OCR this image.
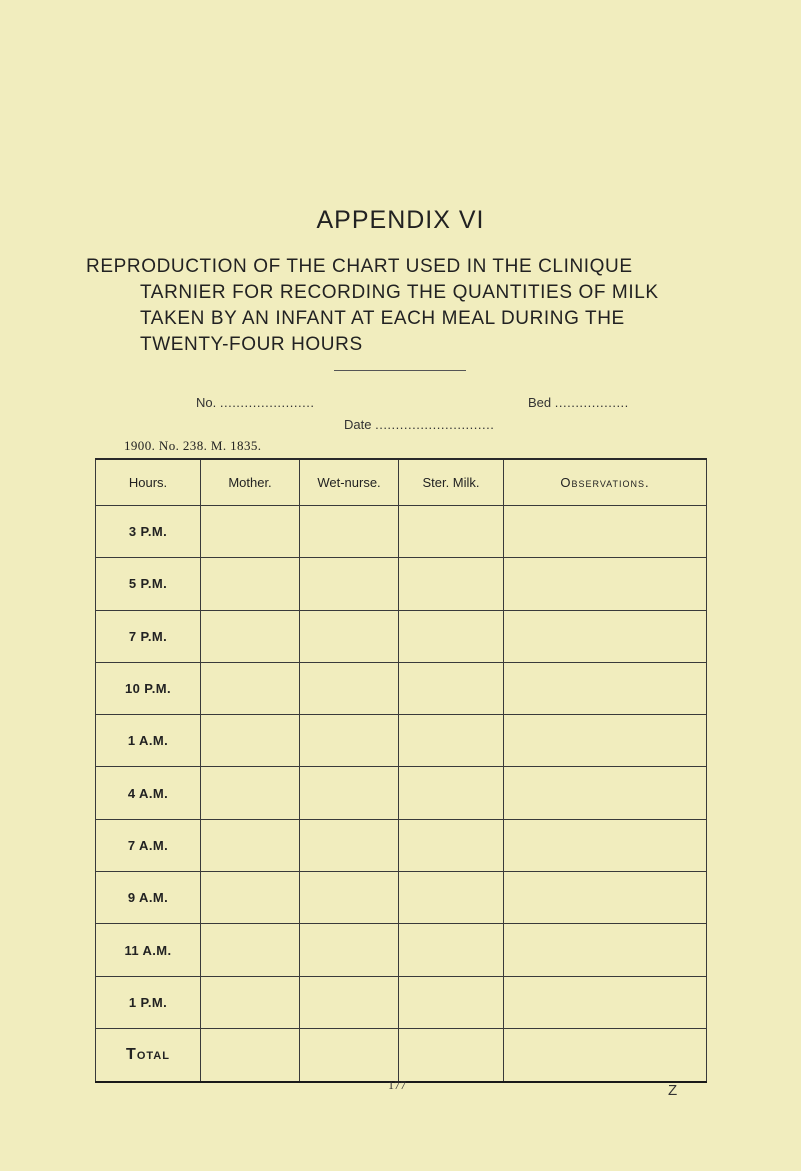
APPENDIX VI
REPRODUCTION OF THE CHART USED IN THE CLINIQUE
TARNIER FOR RECORDING THE QUANTITIES OF MILK
TAKEN BY AN INFANT AT EACH MEAL DURING THE
TWENTY-FOUR HOURS
No. .......................	Bed ..................
Date .............................
1900. No. 238. M. 1835.
Hours.	Mother.	Wet-nurse.	Ster. Milk.	Observations.
3 P.M.				
5 P.M.				
7 P.M.				
10 P.M.				
1 A.M.				
4 A.M.				
7 A.M.				
9 A.M.				
11 A.M.				
1 P.M.				
Total				
177	Z
